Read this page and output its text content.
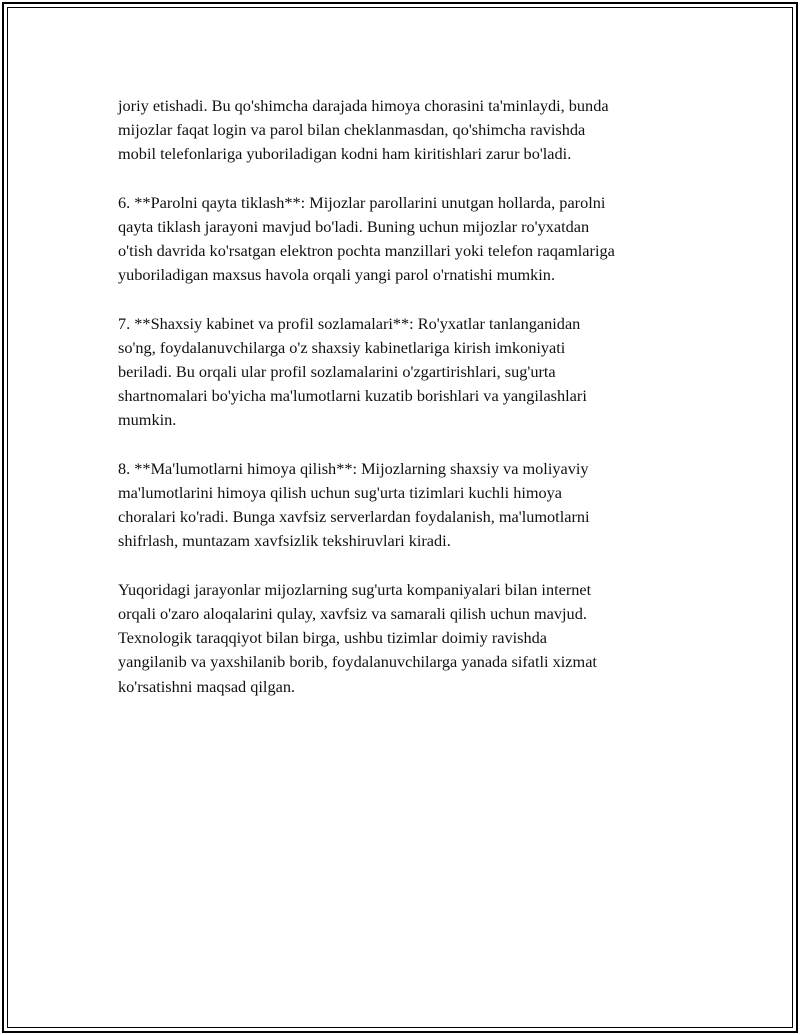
joriy etishadi. Bu qo'shimcha darajada himoya chorasini ta'minlaydi, bunda
mijozlar faqat login va parol bilan cheklanmasdan, qo'shimcha ravishda
mobil telefonlariga yuboriladigan kodni ham kiritishlari zarur bo'ladi.

6. **Parolni qayta tiklash**: Mijozlar parollarini unutgan hollarda, parolni
qayta tiklash jarayoni mavjud bo'ladi. Buning uchun mijozlar ro'yxatdan
o'tish davrida ko'rsatgan elektron pochta manzillari yoki telefon raqamlariga
yuboriladigan maxsus havola orqali yangi parol o'rnatishi mumkin.

7. **Shaxsiy kabinet va profil sozlamalari**: Ro'yxatlar tanlanganidan
so'ng, foydalanuvchilarga o'z shaxsiy kabinetlariga kirish imkoniyati
beriladi. Bu orqali ular profil sozlamalarini o'zgartirishlari, sug'urta
shartnomalari bo'yicha ma'lumotlarni kuzatib borishlari va yangilashlari
mumkin.

8. **Ma'lumotlarni himoya qilish**: Mijozlarning shaxsiy va moliyaviy
ma'lumotlarini himoya qilish uchun sug'urta tizimlari kuchli himoya
choralari ko'radi. Bunga xavfsiz serverlardan foydalanish, ma'lumotlarni
shifrlash, muntazam xavfsizlik tekshiruvlari kiradi.

Yuqoridagi jarayonlar mijozlarning sug'urta kompaniyalari bilan internet
orqali o'zaro aloqalarini qulay, xavfsiz va samarali qilish uchun mavjud.
Texnologik taraqqiyot bilan birga, ushbu tizimlar doimiy ravishda
yangilanib va yaxshilanib borib, foydalanuvchilarga yanada sifatli xizmat
ko'rsatishni maqsad qilgan.
